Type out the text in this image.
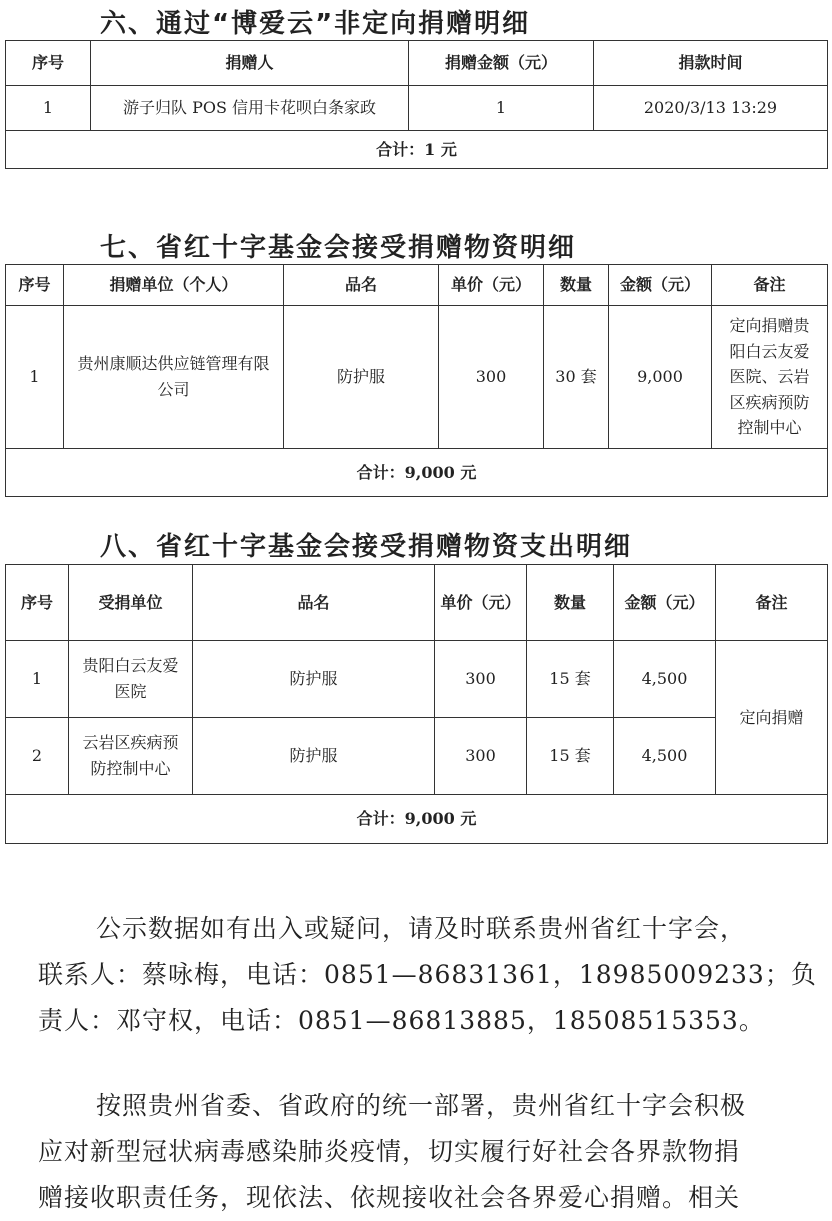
六、通过“博爱云”非定向捐赠明细
序号	捐赠人	捐赠金额（元）	捐款时间
1	游子归队 POS 信用卡花呗白条家政	1	2020/3/13 13:29
合计：1 元			
七、省红十字基金会接受捐赠物资明细
序号	捐赠单位（个人）	品名	单价（元）	数量	金额（元）	备注
1	贵州康顺达供应链管理有限公司	防护服	300	30 套	9,000	定向捐赠贵阳白云友爱医院、云岩区疾病预防控制中心
合计：9,000 元						
八、省红十字基金会接受捐赠物资支出明细
序号	受捐单位	品名	单价（元）	数量	金额（元）	备注
1	贵阳白云友爱医院	防护服	300	15 套	4,500	定向捐赠
2	云岩区疾病预防控制中心	防护服	300	15 套	4,500	
合计：9,000 元						
公示数据如有出入或疑问，请及时联系贵州省红十字会，
联系人：蔡咏梅，电话：0851—86831361，18985009233；负
责人：邓守权，电话：0851—86813885，18508515353。
按照贵州省委、省政府的统一部署，贵州省红十字会积极
应对新型冠状病毒感染肺炎疫情，切实履行好社会各界款物捐
赠接收职责任务，现依法、依规接收社会各界爱心捐赠。相关
